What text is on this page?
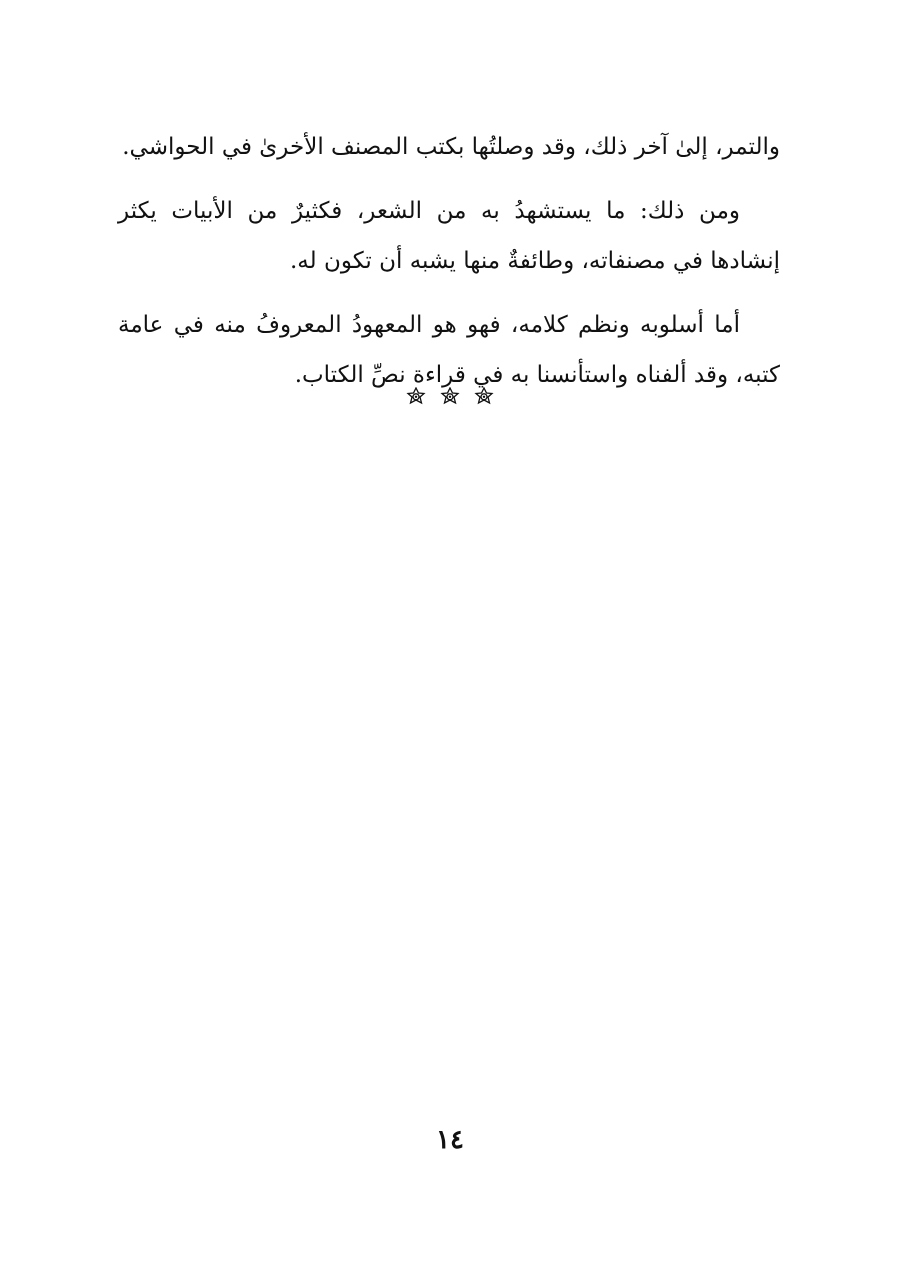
والتمر، إلىٰ آخر ذلك، وقد وصلتُها بكتب المصنف الأخرىٰ في الحواشي.

ومن ذلك: ما يستشهدُ به من الشعر، فكثيرٌ من الأبيات يكثر إنشادها في مصنفاته، وطائفةٌ منها يشبه أن تكون له.

أما أسلوبه ونظم كلامه، فهو هو المعهودُ المعروفُ منه في عامة كتبه، وقد ألفناه واستأنسنا به في قراءة نصِّ الكتاب.

١٤
